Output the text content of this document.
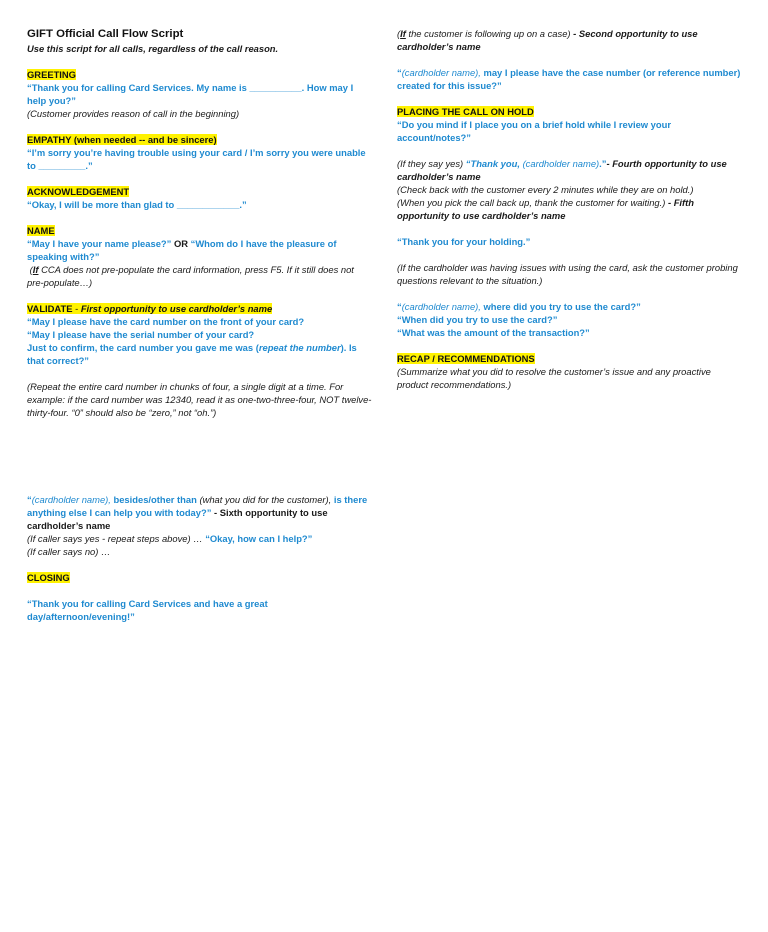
GIFT Official Call Flow Script
Use this script for all calls, regardless of the call reason.
GREETING
“Thank you for calling Card Services. My name is __________. How may I help you?”
(Customer provides reason of call in the beginning)
EMPATHY (when needed -- and be sincere)
“I’m sorry you’re having trouble using your card / I’m sorry you were unable to _________.”
ACKNOWLEDGEMENT
“Okay, I will be more than glad to ____________.”
NAME
“May I have your name please?” OR “Whom do I have the pleasure of speaking with?”
(If CCA does not pre-populate the card information, press F5. If it still does not pre-populate…)
VALIDATE - First opportunity to use cardholder’s name
“May I please have the card number on the front of your card?
“May I please have the serial number of your card?
Just to confirm, the card number you gave me was (repeat the number). Is that correct?”
(Repeat the entire card number in chunks of four, a single digit at a time. For example: if the card number was 12340, read it as one-two-three-four, NOT twelve-thirty-four. “0” should also be “zero,” not “oh.”)
“(cardholder name), besides/other than (what you did for the customer), is there anything else I can help you with today?” - Sixth opportunity to use cardholder’s name
(If caller says yes - repeat steps above) … “Okay, how can I help?”
(If caller says no) …
CLOSING
“Thank you for calling Card Services and have a great day/afternoon/evening!”
(If the customer is following up on a case) - Second opportunity to use cardholder’s name
“(cardholder name), may I please have the case number (or reference number) created for this issue?”
PLACING THE CALL ON HOLD
“Do you mind if I place you on a brief hold while I review your account/notes?”
(If they say yes) “Thank you, (cardholder name).”- Fourth opportunity to use cardholder’s name
(Check back with the customer every 2 minutes while they are on hold.)
(When you pick the call back up, thank the customer for waiting.) - Fifth opportunity to use cardholder’s name
“Thank you for your holding.”
(If the cardholder was having issues with using the card, ask the customer probing questions relevant to the situation.)
“(cardholder name), where did you try to use the card?”
“When did you try to use the card?”
“What was the amount of the transaction?”
RECAP / RECOMMENDATIONS
(Summarize what you did to resolve the customer’s issue and any proactive product recommendations.)
